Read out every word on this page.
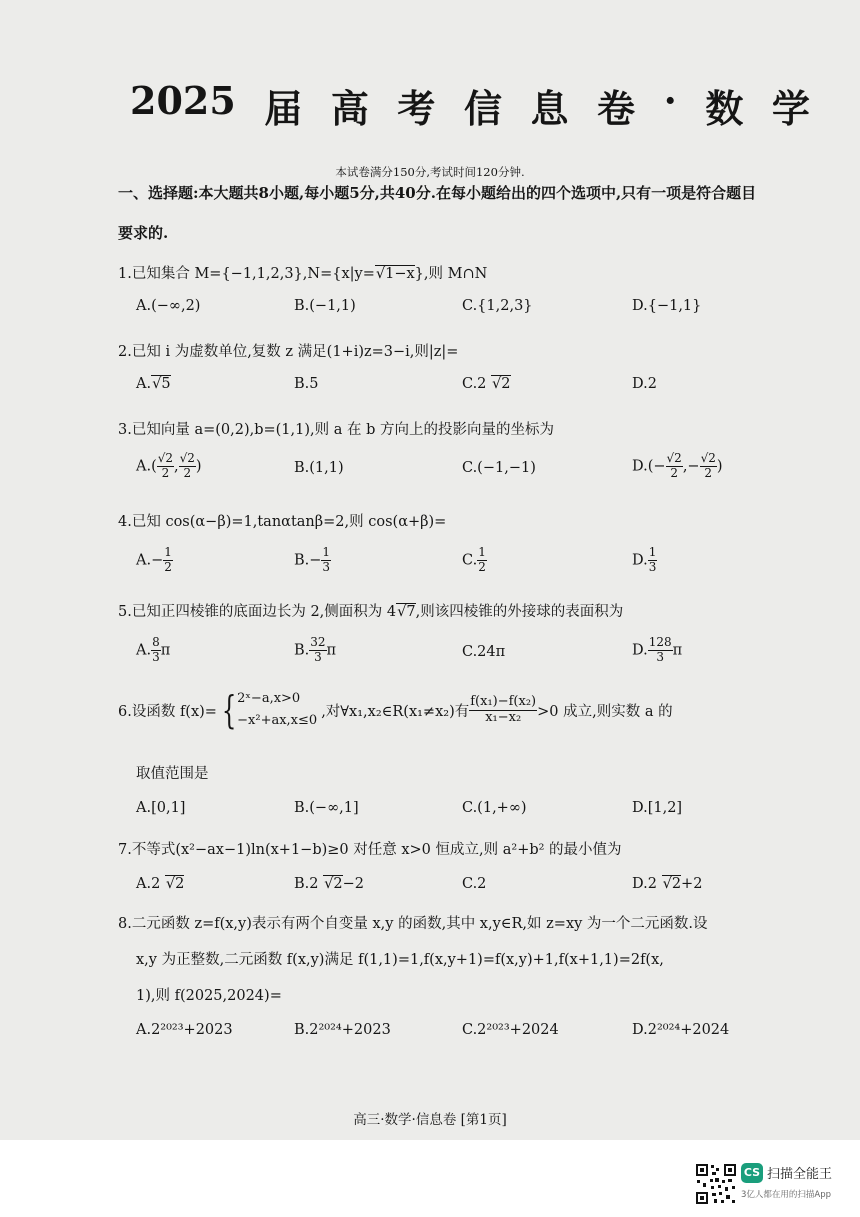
2025 届 高 考 信 息 卷 · 数 学
本试卷满分150分,考试时间120分钟.
一、选择题:本大题共8小题,每小题5分,共40分.在每小题给出的四个选项中,只有一项是符合题目
要求的.
1.已知集合 M={−1,1,2,3},N={x|y=√1−x},则 M∩N
A.(−∞,2)	B.(−1,1)	C.{1,2,3}	D.{−1,1}
2.已知 i 为虚数单位,复数 z 满足(1+i)z=3−i,则|z|=
A.√5	B.5	C.2 √2	D.2
3.已知向量 a=(0,2),b=(1,1),则 a 在 b 方向上的投影向量的坐标为
$A.( \frac{√2}{2}$ , $\frac{√2}{2}$ )	B.(1,1)	C.(−1,−1)	$D.(- \frac{√2}{2}$ ,− $\frac{√2}{2}$ )
4.已知 cos(α−β)=1,tanαtanβ=2,则 cos(α+β)=
$A.- \frac{1}{2}$	$B.- \frac{1}{3}$	C. $\frac{1}{2}$	D. $\frac{1}{3}$
5.已知正四棱锥的底面边长为 2,侧面积为 4√7,则该四棱锥的外接球的表面积为
A. $\frac{8}{3}$ π	B. $\frac{32}{3}$ π	C.24π	D. $\frac{128}{3}$ π
6.设函数 f(x)= { 2ˣ−a,x>0
−x²+ax,x≤0
,对∀x₁,x₂∈R(x₁≠x₂)有 $\frac{\text{f(x₁)−f(x₂)}}{\text{x₁−x₂}} >0$ 成立,则实数 a 的
取值范围是
A.[0,1]	B.(−∞,1]	C.(1,+∞)	D.[1,2]
7.不等式(x²−ax−1)ln(x+1−b)≥0 对任意 x>0 恒成立,则 a²+b² 的最小值为
A.2 √2	B.2 √2−2	C.2	D.2 √2+2
8.二元函数 z=f(x,y)表示有两个自变量 x,y 的函数,其中 x,y∈R,如 z=xy 为一个二元函数.设
x,y 为正整数,二元函数 f(x,y)满足 f(1,1)=1,f(x,y+1)=f(x,y)+1,f(x+1,1)=2f(x,
1),则 f(2025,2024)=
A.2²⁰²³+2023	B.2²⁰²⁴+2023	C.2²⁰²³+2024	D.2²⁰²⁴+2024
高三·数学·信息卷 [第1页]
CS 扫描全能王
3亿人都在用的扫描App
